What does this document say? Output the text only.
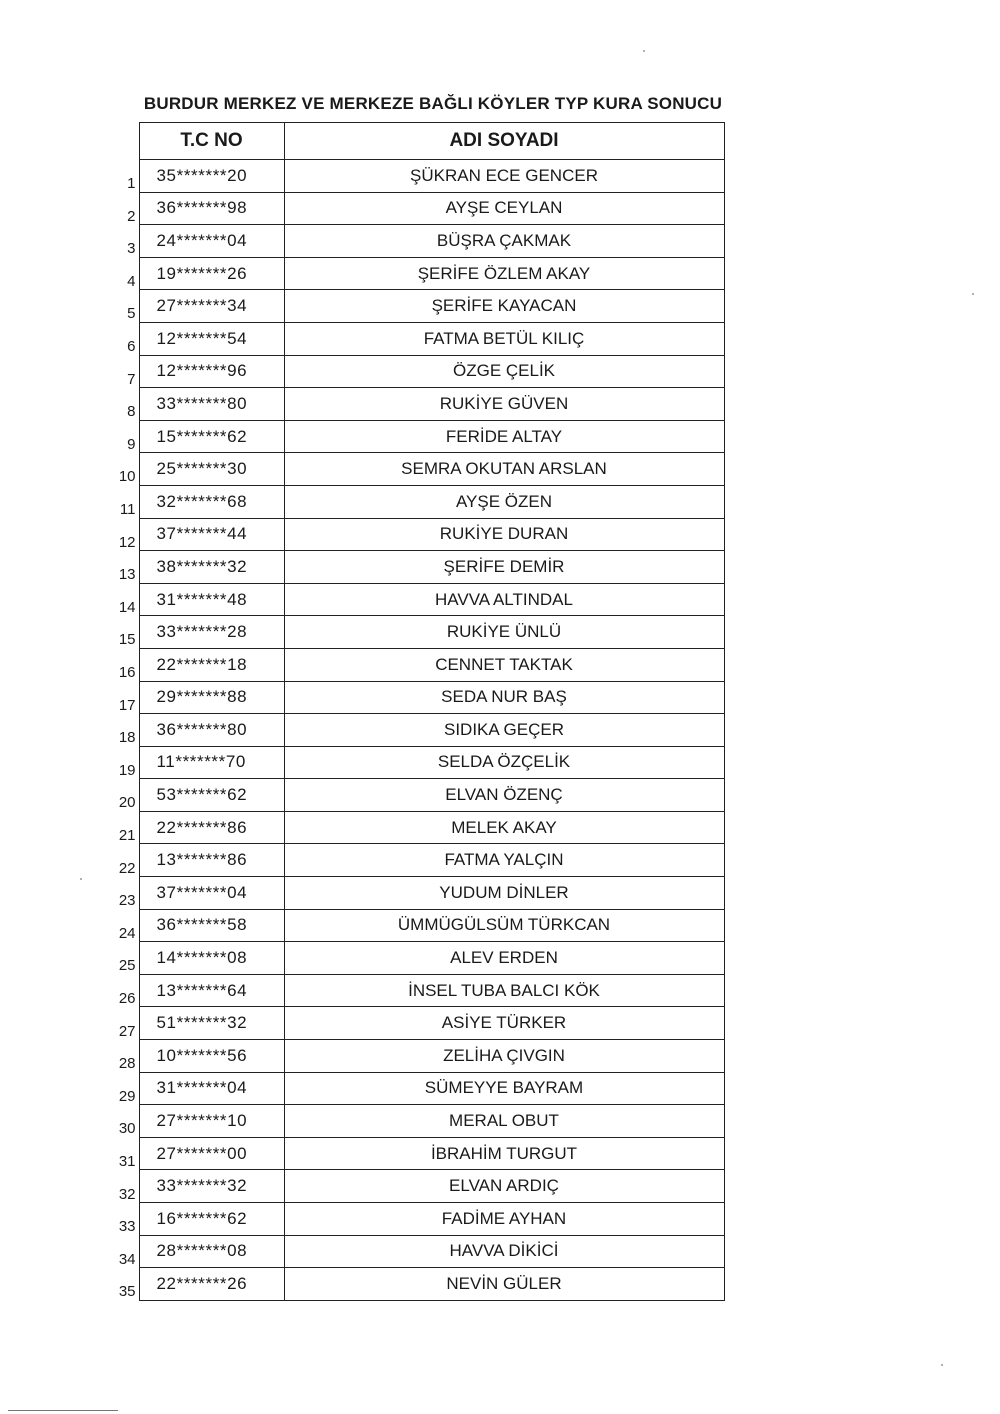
BURDUR MERKEZ VE MERKEZE BAĞLI KÖYLER TYP KURA SONUCU
	T.C NO	ADI SOYADI
1	35*******20	ŞÜKRAN ECE GENCER
2	36*******98	AYŞE CEYLAN
3	24*******04	BÜŞRA ÇAKMAK
4	19*******26	ŞERİFE ÖZLEM AKAY
5	27*******34	ŞERİFE KAYACAN
6	12*******54	FATMA BETÜL KILIÇ
7	12*******96	ÖZGE ÇELİK
8	33*******80	RUKİYE GÜVEN
9	15*******62	FERİDE ALTAY
10	25*******30	SEMRA OKUTAN ARSLAN
11	32*******68	AYŞE ÖZEN
12	37*******44	RUKİYE DURAN
13	38*******32	ŞERİFE DEMİR
14	31*******48	HAVVA ALTINDAL
15	33*******28	RUKİYE ÜNLÜ
16	22*******18	CENNET TAKTAK
17	29*******88	SEDA NUR BAŞ
18	36*******80	SIDIKA GEÇER
19	11*******70	SELDA ÖZÇELİK
20	53*******62	ELVAN ÖZENÇ
21	22*******86	MELEK AKAY
22	13*******86	FATMA YALÇIN
23	37*******04	YUDUM DİNLER
24	36*******58	ÜMMÜGÜLSÜM TÜRKCAN
25	14*******08	ALEV ERDEN
26	13*******64	İNSEL TUBA BALCI KÖK
27	51*******32	ASİYE TÜRKER
28	10*******56	ZELİHA ÇIVGIN
29	31*******04	SÜMEYYE BAYRAM
30	27*******10	MERAL OBUT
31	27*******00	İBRAHİM TURGUT
32	33*******32	ELVAN ARDIÇ
33	16*******62	FADİME AYHAN
34	28*******08	HAVVA DİKİCİ
35	22*******26	NEVİN GÜLER
